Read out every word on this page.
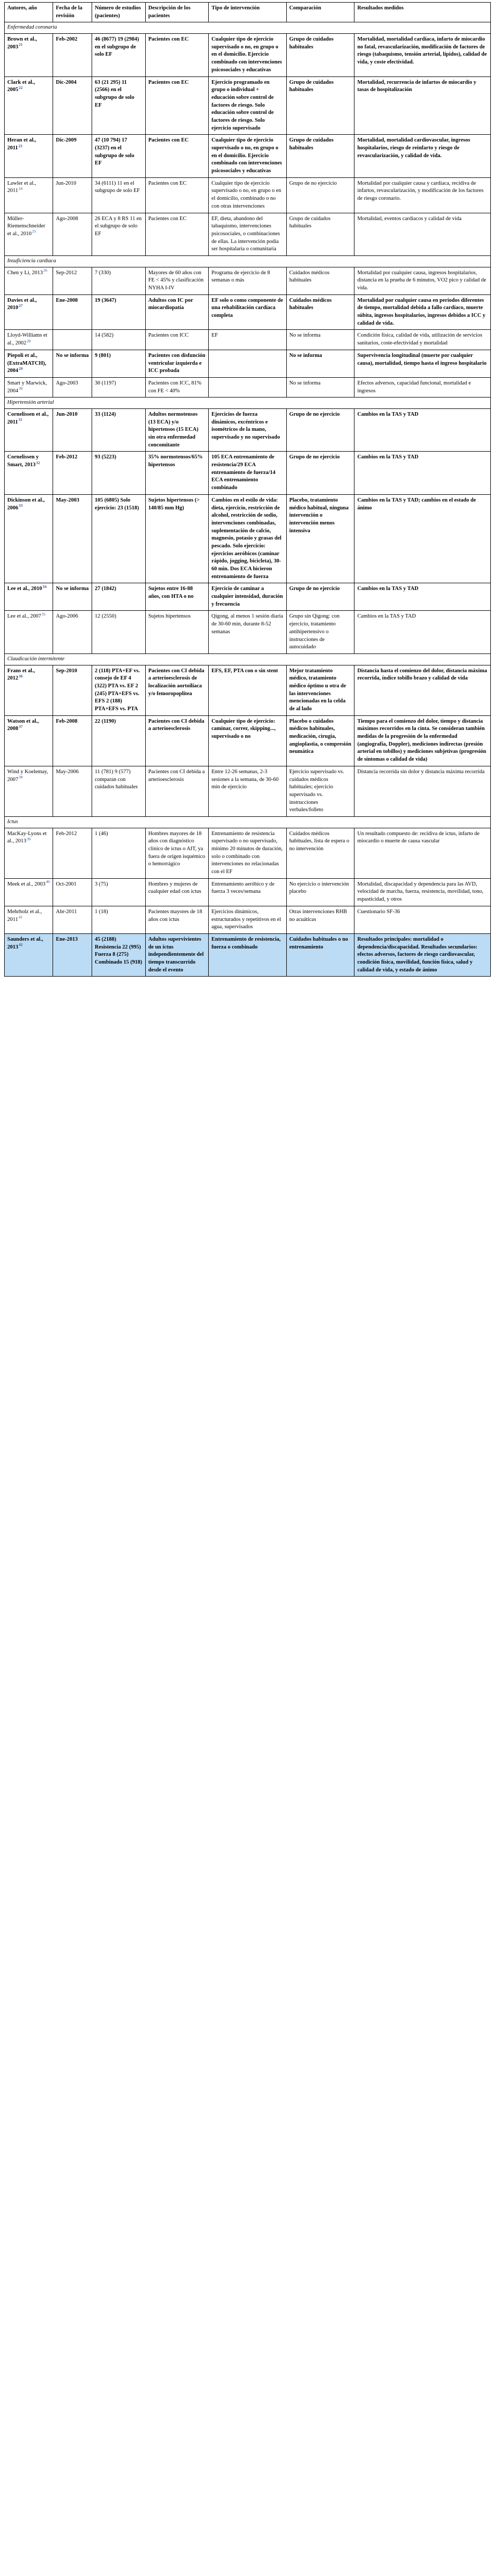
Autores, año	Fecha de la revisión	Número de estudios (pacientes)	Descripción de los pacientes	Tipo de intervención	Comparación	Resultados medidos
Enfermedad coronaria						
Brown et al., 2003$^{21}$	Feb-2002	46 (8677) 19 (2984) en el subgrupo de solo EF	Pacientes con EC	Cualquier tipo de ejercicio supervisado o no, en grupo o en el domicilio. Ejercicio combinado con intervenciones psicosociales y educativas	Grupo de cuidados habituales	Mortalidad, mortalidad cardíaca, infarto de miocardio no fatal, revascularización, modificación de factores de riesgo (tabaquismo, tensión arterial, lípidos), calidad de vida, y coste efectividad.
Clark et al., 2005$^{22}$	Dic-2004	63 (21 295) 11 (2566) en el subgrupo de solo EF	Pacientes con EC	Ejercicio programado en grupo o individual + educación sobre control de factores de riesgo. Solo educación sobre control de factores de riesgo. Solo ejercicio supervisado	Grupo de cuidados habituales	Mortalidad, recurrencia de infartos de miocardio y tasas de hospitalización
Heran et al., 2011$^{23}$	Dic-2009	47 (10 794) 17 (3237) en el subgrupo de solo EF	Pacientes con EC	Cualquier tipo de ejercicio supervisado o no, en grupo o en el domicilio. Ejercicio combinado con intervenciones psicosociales y educativas	Grupo de cuidados habituales	Mortalidad, mortalidad cardiovascular, ingresos hospitalarios, riesgo de reinfarto y riesgo de revascularización, y calidad de vida.
Lawler et al., 2011$^{24}$	Jun-2010	34 (6111) 11 en el subgrupo de solo EF	Pacientes con EC	Cualquier tipo de ejercicio supervisado o no, en grupo o en el domicilio, combinado o no con otras intervenciones	Grupo de no ejercicio	Mortalidad por cualquier causa y cardíaca, recidiva de infartos, revascularización, y modificación de los factores de riesgo coronario.
Müller-Riemenschneider et al., 2010$^{25}$	Ago-2008	26 ECA y 8 RS 11 en el subgrupo de solo EF	Pacientes con EC	EF, dieta, abandono del tabaquismo, intervenciones psicosociales, o combinaciones de ellas. La intervención podía ser hospitalaria o comunitaria	Grupo de cuidados habituales	Mortalidad, eventos cardíacos y calidad de vida
Insuficiencia cardiaca						
Chen y Li, 2013$^{26}$	Sep-2012	7 (330)	Mayores de 60 años con FE < 45% y clasificación NYHA I-IV	Programa de ejercicio de 8 semanas o más	Cuidados médicos habituales	Mortalidad por cualquier causa, ingresos hospitalarios, distancia en la prueba de 6 minutos, VO2 pico y calidad de vida.
Davies et al., 2010$^{27}$	Ene-2008	19 (3647)	Adultos con IC por miocardiopatía	EF solo o como componente de una rehabilitación cardíaca completa	Cuidados médicos habituales	Mortalidad por cualquier causa en periodos diferentes de tiempo, mortalidad debida a fallo cardíaco, muerte súbita, ingresos hospitalarios, ingresos debidos a ICC y calidad de vida.
Lloyd-Williams et al., 2002$^{28}$		14 (582)	Pacientes con ICC	EF	No se informa	Condición física, calidad de vida, utilización de servicios sanitarios, coste-efectividad y mortalidad
Piepoli et al., (ExtraMATCH), 2004$^{29}$	No se informa	9 (801)	Pacientes con disfunción ventricular izquierda e ICC probada		No se informa	Supervivencia longitudinal (muerte por cualquier causa), mortalidad, tiempo hasta el ingreso hospitalario
Smart y Marwick, 2004$^{30}$	Ago-2003	30 (1197)	Pacientes con ICC, 81% con FE < 40%		No se informa	Efectos adversos, capacidad funcional, mortalidad e ingresos
Hipertensión arterial						
Cornelissen et al., 2011$^{31}$	Jun-2010	33 (1124)	Adultos normotensos (13 ECA) y/o hipertensos (15 ECA) sin otra enfermedad concomitante	Ejercicios de fuerza dinámicos, excéntricos e isométricos de la mano, supervisado y no supervisado	Grupo de no ejercicio	Cambios en la TAS y TAD
Cornelissen y Smart, 2013$^{32}$	Feb-2012	93 (5223)	35% normotensos/65% hipertensos	105 ECA entrenamiento de resistencia/29 ECA entrenamiento de fuerza/14 ECA entrenamiento combinado	Grupo de no ejercicio	Cambios en la TAS y TAD
Dickinson et al., 2006$^{33}$	May-2003	105 (6805) Solo ejercicio: 23 (1518)	Sujetos hipertensos (> 140/85 mm Hg)	Cambios en el estilo de vida: dieta, ejercicio, restricción de alcohol, restricción de sodio, intervenciones combinadas, suplementación de calcio, magnesio, potasio y grasas del pescado. Solo ejercicio: ejercicios aeróbicos (caminar rápido, jogging, bicicleta), 30-60 min. Dos ECA hicieron entrenamiento de fuerza	Placebo, tratamiento médico habitual, ninguna intervención o intervención menos intensiva	Cambios en la TAS y TAD; cambios en el estado de ánimo
Lee et al., 2010$^{34}$	No se informa	27 (1842)	Sujetos entre 16-88 años, con HTA o no	Ejercicio de caminar a cualquier intensidad, duración y frecuencia	Grupo de no ejercicio	Cambios en la TAS y TAD
Lee et al., 2007$^{35}$	Ago-2006	12 (2550)	Sujetos hipertensos	Qigong, al menos 1 sesión diaria de 30-60 min, durante 8-52 semanas	Grupo sin Qigong: con ejercicio, tratamiento antihipertensivo o instrucciones de autocuidado	Cambios en la TAS y TAD
Claudicación intermitente						
Frans et al., 2012$^{36}$	Sep-2010	2 (118) PTA+EF vs. consejo de EF 4 (322) PTA vs. EF 2 (245) PTA+EFS vs. EFS 2 (188) PTA+EFS vs. PTA	Pacientes con CI debida a arterioesclerosis de localización aortoilíaca y/o femoropoplítea	EFS, EF, PTA con o sin stent	Mejor tratamiento médico, tratamiento médico óptimo u otra de las intervenciones mencionadas en la celda de al lado	Distancia hasta el comienzo del dolor, distancia máxima recorrida, índice tobillo brazo y calidad de vida
Watson et al., 2008$^{37}$	Feb-2008	22 (1190)	Pacientes con CI debida a arterioesclerosis	Cualquier tipo de ejercicio: caminar, correr, skipping..., supervisado o no	Placebo o cuidados médicos habituales, medicación, cirugía, angioplastia, o compresión neumática	Tiempo para el comienzo del dolor, tiempo y distancia máximos recorridos en la cinta. Se consideran también medidas de la progresión de la enfermedad (angiografía, Doppler), mediciones indirectas (presión arterial en tobillos) y mediciones subjetivas (progresión de síntomas o calidad de vida)
Wind y Koelemay, 2007$^{38}$	May-2006	11 (781) 9 (577) comparan con cuidados habituales	Pacientes con CI debida a arterioesclerosis	Entre 12-26 semanas, 2-3 sesiones a la semana, de 30-60 min de ejercicio	Ejercicio supervisado vs. cuidados médicos habituales; ejercicio supervisado vs. instrucciones verbales/folleto	Distancia recorrida sin dolor y distancia máxima recorrida
Ictus						
MacKay-Lyons et al., 2013$^{39}$	Feb-2012	1 (46)	Hombres mayores de 18 años con diagnóstico clínico de ictus o AIT, ya fuera de origen isquémico o hemorrágico	Entrenamiento de resistencia supervisado o no supervisado, mínimo 20 minutos de duración, solo o combinado con intervenciones no relacionadas con el EF	Cuidados médicos habituales, lista de espera o no intervención	Un resultado compuesto de: recidiva de ictus, infarto de miocardio o muerte de causa vascular
Meek et al., 2003$^{40}$	Oct-2001	3 (75)	Hombres y mujeres de cualquier edad con ictus	Entrenamiento aeróbico y de fuerza 3 veces/semana	No ejercicio o intervención placebo	Mortalidad, discapacidad y dependencia para las AVD, velocidad de marcha, fuerza, resistencia, movilidad, tono, espasticidad, y otros
Mehrholz et al., 2011$^{41}$	Abr-2011	1 (18)	Pacientes mayores de 18 años con ictus	Ejercicios dinámicos, estructurados y repetitivos en el agua, supervisados	Otras intervenciones RHB no acuáticas	Cuestionario SF-36
Saunders et al., 2013$^{42}$	Ene-2013	45 (2188) Resistencia 22 (995) Fuerza 8 (275) Combinado 15 (918)	Adultos supervivientes de un ictus independientemente del tiempo transcurrido desde el evento	Entrenamiento de resistencia, fuerza o combinado	Cuidados habituales o no entrenamiento	Resultados principales: mortalidad o dependencia/discapacidad. Resultados secundarios: efectos adversos, factores de riesgo cardiovascular, condición física, movilidad, función física, salud y calidad de vida, y estado de ánimo
